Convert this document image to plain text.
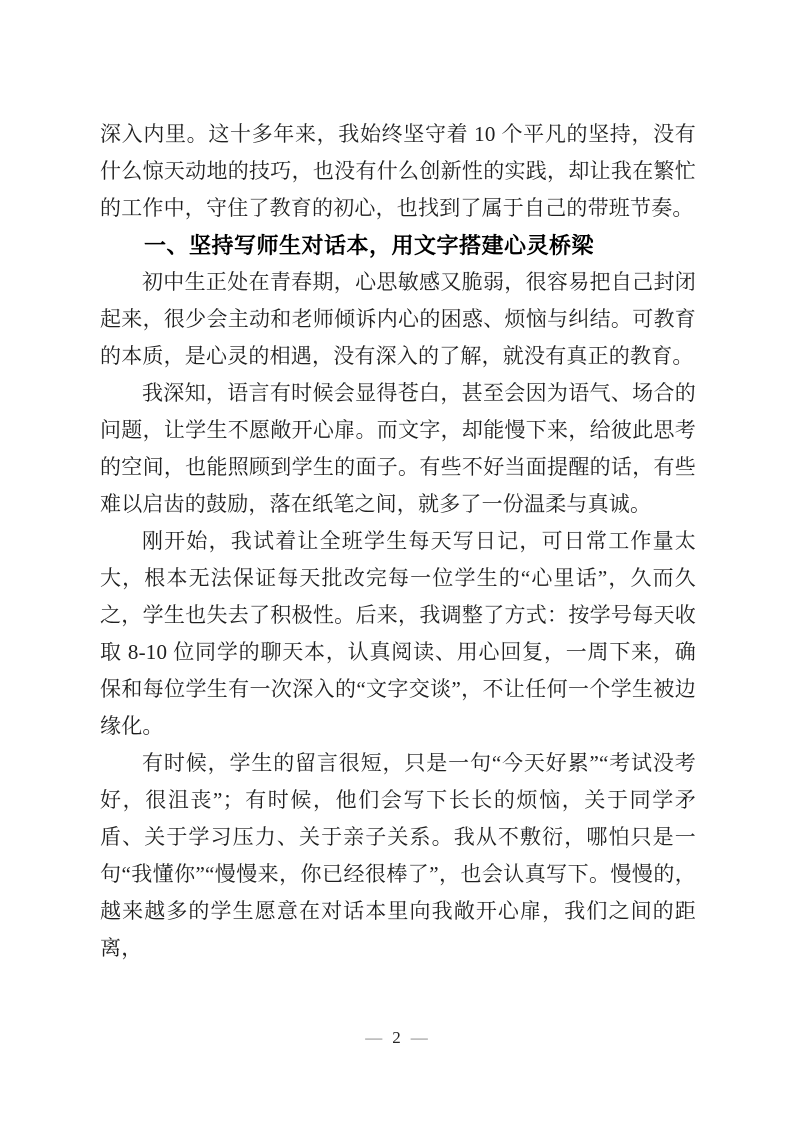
深入内里。这十多年来，我始终坚守着 10 个平凡的坚持，没有什么惊天动地的技巧，也没有什么创新性的实践，却让我在繁忙的工作中，守住了教育的初心，也找到了属于自己的带班节奏。

一、坚持写师生对话本，用文字搭建心灵桥梁

初中生正处在青春期，心思敏感又脆弱，很容易把自己封闭起来，很少会主动和老师倾诉内心的困惑、烦恼与纠结。可教育的本质，是心灵的相遇，没有深入的了解，就没有真正的教育。

我深知，语言有时候会显得苍白，甚至会因为语气、场合的问题，让学生不愿敞开心扉。而文字，却能慢下来，给彼此思考的空间，也能照顾到学生的面子。有些不好当面提醒的话，有些难以启齿的鼓励，落在纸笔之间，就多了一份温柔与真诚。

刚开始，我试着让全班学生每天写日记，可日常工作量太大，根本无法保证每天批改完每一位学生的“心里话”，久而久之，学生也失去了积极性。后来，我调整了方式：按学号每天收取 8-10 位同学的聊天本，认真阅读、用心回复，一周下来，确保和每位学生有一次深入的“文字交谈”，不让任何一个学生被边缘化。

有时候，学生的留言很短，只是一句“今天好累”“考试没考好，很沮丧”；有时候，他们会写下长长的烦恼，关于同学矛盾、关于学习压力、关于亲子关系。我从不敷衍，哪怕只是一句“我懂你”“慢慢来，你已经很棒了”，也会认真写下。慢慢的，越来越多的学生愿意在对话本里向我敞开心扉，我们之间的距离，

— 2 —
